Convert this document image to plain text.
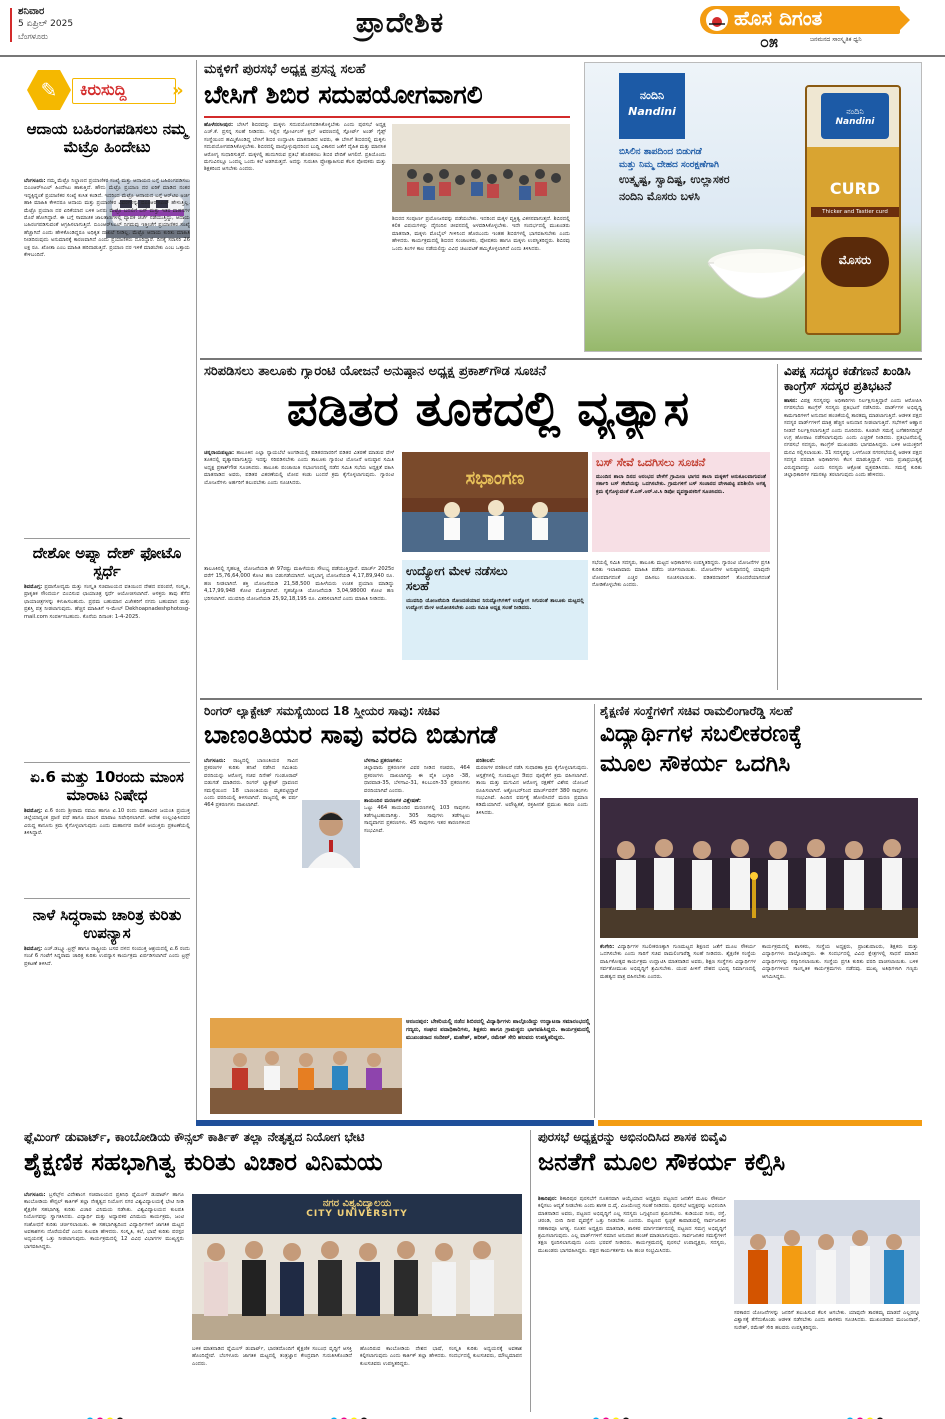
ಶನಿವಾರ
5 ಏಪ್ರಿಲ್ 2025
ಬೆಂಗಳೂರು	ಪ್ರಾದೇಶಿಕ	ಹೊಸ ದಿಗಂತ
ಜನಮನದ ಸಾಂಸ್ಕೃತಿಕ ಧ್ವನಿ
೦೫
✎ ಕಿರುಸುದ್ದಿ	»
ಆದಾಯ ಬಹಿರಂಗಪಡಿಸಲು ನಮ್ಮ ಮೆಟ್ರೊ ಹಿಂದೇಟು
ಬೆಂಗಳೂರು: ನಮ್ಮ ಮೆಟ್ರೊ ನಿಲ್ದಾಣದ ಪ್ರಯಾಣಿಕರ ಸಂಖ್ಯೆ ಮತ್ತು ಆದಾಯದ ಬಗ್ಗೆ ಬಹಿರಂಗಪಡಿಸಲು ಬಿಎಂಆರ್‌ಸಿಎಲ್ ಹಿಂದೇಟು ಹಾಕುತ್ತಿದೆ. ಹೌದು ಮೆಟ್ರೊ ಪ್ರಯಾಣ ದರ ಏರಿಕೆ ಮಾಡಿದ ನಂತರ ಇದ್ದಕ್ಕಿದ್ದಂತೆ ಪ್ರಯಾಣಿಕರ ಸಂಖ್ಯೆ ಕುಸಿತ ಕಂಡಿದೆ. ಇದರಿಂದ ಮೆಟ್ರೊ ಆದಾಯದ ಬಗ್ಗೆ ಆರ್‌ಟಿಐ ಅರ್ಜಿ ಹಾಕಿ ಮಾಹಿತಿ ಕೇಳಿದರೂ ಆದಾಯ ಮತ್ತು ಪ್ರಯಾಣಿಕರ ವಿವರಗಳನ್ನು ಬಿಎಂಆರ್‌ಸಿಎಲ್ ಹೇಳುತ್ತಿಲ್ಲ. ಮೆಟ್ರೊ ಪ್ರಯಾಣ ದರ ಏರಿಕೆಯಾದ ಬಳಿಕ ಜನರು ಮೆಟ್ರೊ ಬದಲಿಗೆ ಬಸ್ ಮತ್ತು ಇತರ ವಾಹನಗಳ ಮೊರೆ ಹೋಗಿದ್ದಾರೆ. ಈ ಬಗ್ಗೆ ಸಾಮಾಜಿಕ ಜಾಲತಾಣಗಳಲ್ಲಿ ವ್ಯಾಪಕ ಚರ್ಚೆ ನಡೆಯುತ್ತಿದ್ದು, ಆದಾಯ ಬಹಿರಂಗಪಡಿಸುವಂತೆ ಆಗ್ರಹಿಸಲಾಗುತ್ತಿದೆ. ಬಿಎಂಆರ್‌ಸಿಎಲ್ ನಿಗಮವು ಇತ್ತೀಚೆಗೆ ಪ್ರಯಾಣಿಕರ ಸಂಖ್ಯೆ ಹೆಚ್ಚಾಗಿದೆ ಎಂದು ಹೇಳಿಕೊಂಡಿದ್ದರೂ ಅಧಿಕೃತ ದಾಖಲೆ ನೀಡಿಲ್ಲ. ಮೆಟ್ರೊ ಆದಾಯ ಕುರಿತು ಮಾಹಿತಿ ನೀಡದಿರುವುದು ಅನುಮಾನಕ್ಕೆ ಕಾರಣವಾಗಿದೆ ಎಂದು ಪ್ರಯಾಣಿಕರು ದೂರಿದ್ದಾರೆ. ದಿನಕ್ಕೆ ಸರಾಸರಿ 26 ಲಕ್ಷ ರೂ. ಖೋತಾ ಎಂಬ ಮಾಹಿತಿ ಹರಿದಾಡುತ್ತಿದೆ. ಪ್ರಯಾಣ ದರ ಇಳಿಕೆ ಮಾಡಬೇಕು ಎಂಬ ಒತ್ತಾಯ ಕೇಳಿಬಂದಿದೆ.
ದೇಶೋ ಅಪ್ನಾ ದೇಶ್ ಫೋಟೊ ಸ್ಪರ್ಧೆ
ಶಿವಮೊಗ್ಗ: ಪ್ರವಾಸೋದ್ಯಮ ಮತ್ತು ಸಂಸ್ಕೃತಿ ಸಚಿವಾಲಯದ ವತಿಯಿಂದ ದೇಶದ ಪರಂಪರೆ, ಸಂಸ್ಕೃತಿ, ಪ್ರಾಕೃತಿಕ ಸೌಂದರ್ಯ ಬಿಂಬಿಸುವ ಛಾಯಾಚಿತ್ರ ಸ್ಪರ್ಧೆ ಆಯೋಜಿಸಲಾಗಿದೆ. ಆಸಕ್ತರು ತಾವು ತೆಗೆದ ಛಾಯಾಚಿತ್ರಗಳನ್ನು ಕಳುಹಿಸಬಹುದು. ಪ್ರಥಮ ಬಹುಮಾನ ವಿಜೇತರಿಗೆ ನಗದು ಬಹುಮಾನ ಮತ್ತು ಪ್ರಶಸ್ತಿ ಪತ್ರ ನೀಡಲಾಗುವುದು. ಹೆಚ್ಚಿನ ಮಾಹಿತಿಗೆ ಇ-ಮೇಲ್ Dekhoapnadeshphotosg-mail.com ಸಂಪರ್ಕಿಸಬಹುದು. ಕೊನೆಯ ದಿನಾಂಕ: 1-4-2025.
ಏ.6 ಮತ್ತು 10ರಂದು ಮಾಂಸ ಮಾರಾಟ ನಿಷೇಧ
ಶಿವಮೊಗ್ಗ: ಏ.6 ರಂದು ಶ್ರೀರಾಮ ನವಮಿ ಹಾಗೂ ಏ.10 ರಂದು ಮಹಾವೀರ ಜಯಂತಿ ಪ್ರಯುಕ್ತ ಜಿಲ್ಲೆಯಾದ್ಯಂತ ಪ್ರಾಣಿ ವಧೆ ಹಾಗೂ ಮಾಂಸ ಮಾರಾಟ ನಿಷೇಧಿಸಲಾಗಿದೆ. ಆದೇಶ ಉಲ್ಲಂಘಿಸಿದವರ ವಿರುದ್ಧ ಕಾನೂನು ಕ್ರಮ ಕೈಗೊಳ್ಳಲಾಗುವುದು ಎಂದು ಮಹಾನಗರ ಪಾಲಿಕೆ ಆಯುಕ್ತರು ಪ್ರಕಟಣೆಯಲ್ಲಿ ತಿಳಿಸಿದ್ದಾರೆ.
ನಾಳೆ ಸಿದ್ಧರಾಮ ಚಾರಿತ್ರ ಕುರಿತು ಉಪನ್ಯಾಸ
ಶಿವಮೊಗ್ಗ: ಎಚ್.ಡಬ್ಲ್ಯೂ.ಟ್ರಸ್ಟ್ ಹಾಗೂ ರಾಷ್ಟ್ರೀಯ ಬಸವ ದಳದ ಸಂಯುಕ್ತ ಆಶ್ರಯದಲ್ಲಿ ಏ.6 ರಂದು ಸಂಜೆ 6 ಗಂಟೆಗೆ ಸಿದ್ಧರಾಮ ಚಾರಿತ್ರ ಕುರಿತು ಉಪನ್ಯಾಸ ಕಾರ್ಯಕ್ರಮ ಏರ್ಪಡಿಸಲಾಗಿದೆ ಎಂದು ಟ್ರಸ್ಟ್ ಪ್ರಕಟಣೆ ತಿಳಿಸಿದೆ.
ಮಕ್ಕಳಿಗೆ ಪುರಸಭೆ ಅಧ್ಯಕ್ಷ ಪ್ರಸನ್ನ ಸಲಹೆ
ಬೇಸಿಗೆ ಶಿಬಿರ ಸದುಪಯೋಗವಾಗಲಿ
ಹೊಳೆನರಸೀಪುರ: ಬೇಸಿಗೆ ಶಿಬಿರವನ್ನು ಮಕ್ಕಳು ಸದುಪಯೋಗಪಡಿಸಿಕೊಳ್ಳಬೇಕು ಎಂದು ಪುರಸಭೆ ಅಧ್ಯಕ್ಷ ಎಚ್.ಕೆ. ಪ್ರಸನ್ನ ಸಲಹೆ ನೀಡಿದರು. ಇಲ್ಲಿನ ಸ್ಪೋರ್ಟಿಂಗ್ ಕ್ಲಬ್ ಆವರಣದಲ್ಲಿ ಸ್ಪೋರ್ಟ್ ಅಂಡ್ ಗೈಡ್ಸ್ ಸಂಸ್ಥೆಯಿಂದ ಹಮ್ಮಿಕೊಂಡಿದ್ದ ಬೇಸಿಗೆ ಶಿಬಿರ ಉದ್ಘಾಟಿಸಿ ಮಾತನಾಡಿದ ಅವರು, ಈ ಬೇಸಿಗೆ ಶಿಬಿರದಲ್ಲಿ ಮಕ್ಕಳು ಸದುಪಯೋಗಪಡಿಸಿಕೊಳ್ಳಬೇಕು. ಶಿಬಿರದಲ್ಲಿ ಪಾಲ್ಗೊಳ್ಳುವುದರಿಂದ ಬುದ್ಧಿ ವಿಕಾಸದ ಜತೆಗೆ ದೈಹಿಕ ಮತ್ತು ಮಾನಸಿಕ ಆರೋಗ್ಯ ಸುಧಾರಿಸುತ್ತದೆ. ಮಕ್ಕಳಲ್ಲಿ ಹುದುಗಿರುವ ಪ್ರತಿಭೆ ಹೊರತರಲು ಶಿಬಿರ ವೇದಿಕೆ ಆಗಲಿದೆ. ಪ್ರತಿಯೊಂದು ಮಗುವಿನಲ್ಲೂ ಒಂದಲ್ಲ ಒಂದು ಕಲೆ ಅಡಗಿರುತ್ತದೆ. ಅದನ್ನು ಗುರುತಿಸಿ ಪ್ರೋತ್ಸಾಹಿಸುವ ಕೆಲಸ ಪೋಷಕರು ಮತ್ತು ಶಿಕ್ಷಕರಿಂದ ಆಗಬೇಕು ಎಂದರು.
ಶಿಬಿರದ ಸಂಪೂರ್ಣ ಪ್ರಯೋಜನವನ್ನು ಪಡೆಯಬೇಕು. ಇದರಿಂದ ಮಕ್ಕಳ ವ್ಯಕ್ತಿತ್ವ ವಿಕಸನವಾಗುತ್ತದೆ. ಶಿಬಿರದಲ್ಲಿ ಕಲಿತ ವಿಷಯಗಳನ್ನು ದೈನಂದಿನ ಜೀವನದಲ್ಲಿ ಅಳವಡಿಸಿಕೊಳ್ಳಬೇಕು. ಇದೇ ಸಂದರ್ಭದಲ್ಲಿ ಮುಖಂಡರು ಮಾತನಾಡಿ, ಮಕ್ಕಳು ಮೊಬೈಲ್ ಗೀಳಿನಿಂದ ಹೊರಬಂದು ಇಂತಹ ಶಿಬಿರಗಳಲ್ಲಿ ಭಾಗವಹಿಸಬೇಕು ಎಂದು ಹೇಳಿದರು. ಕಾರ್ಯಕ್ರಮದಲ್ಲಿ ಶಿಬಿರದ ಸಂಚಾಲಕರು, ಪೋಷಕರು ಹಾಗೂ ಮಕ್ಕಳು ಉಪಸ್ಥಿತರಿದ್ದರು. ಶಿಬಿರವು ಒಂದು ತಿಂಗಳ ಕಾಲ ನಡೆಯಲಿದ್ದು ವಿವಿಧ ಚಟುವಟಿಕೆ ಹಮ್ಮಿಕೊಳ್ಳಲಾಗಿದೆ ಎಂದು ತಿಳಿಸಿದರು.
ನಂದಿನಿ
Nandini
ಬಿಸಿಲಿನ ತಾಪದಿಂದ ಬಿಡುಗಡೆ
ಮತ್ತು ನಿಮ್ಮ ದೇಹದ ಸಂರಕ್ಷಣೆಗಾಗಿ
ಉತ್ಕೃಷ್ಟ, ಸ್ವಾದಿಷ್ಟ, ಉಲ್ಲಾಸಕರ
ನಂದಿನಿ ಮೊಸರು ಬಳಸಿ
ನಂದಿನಿ
Nandini
CURD
Thicker and Tastier curd
ಮೊಸರು
ಸರಿಪಡಿಸಲು ತಾಲೂಕು ಗ್ಯಾರಂಟಿ ಯೋಜನೆ ಅನುಷ್ಠಾನ ಅಧ್ಯಕ್ಷ ಪ್ರಕಾಶ್‌ಗೌಡ ಸೂಚನೆ
ಪಡಿತರ ತೂಕದಲ್ಲಿ ವ್ಯತ್ಯಾಸ
ಚನ್ನರಾಯಪಟ್ಟಣ: ತಾಲೂಕಿನ ಎಲ್ಲಾ ನ್ಯಾಯಬೆಲೆ ಅಂಗಡಿಯಲ್ಲಿ ಪಡಿತರದಾರರಿಗೆ ಪಡಿತರ ವಿತರಣೆ ಮಾಡುವ ವೇಳೆ ತೂಕದಲ್ಲಿ ವ್ಯತ್ಯಾಸವಾಗುತ್ತಿದ್ದು ಇದನ್ನು ಸರಿಪಡಿಸಬೇಕು ಎಂದು ತಾಲೂಕು ಗ್ಯಾರಂಟಿ ಯೋಜನೆ ಅನುಷ್ಠಾನ ಸಮಿತಿ ಅಧ್ಯಕ್ಷ ಪ್ರಕಾಶ್‌ಗೌಡ ಸೂಚಿಸಿದರು. ತಾಲೂಕು ಪಂಚಾಯಿತಿ ಸಭಾಂಗಣದಲ್ಲಿ ನಡೆದ ಸಮಿತಿ ಸಭೆಯ ಅಧ್ಯಕ್ಷತೆ ವಹಿಸಿ ಮಾತನಾಡಿದ ಅವರು, ಪಡಿತರ ವಿತರಣೆಯಲ್ಲಿ ಲೋಪ ಕಂಡು ಬಂದರೆ ಕ್ರಮ ಕೈಗೊಳ್ಳಲಾಗುವುದು. ಗ್ಯಾರಂಟಿ ಯೋಜನೆಗಳು ಅರ್ಹರಿಗೆ ತಲುಪಬೇಕು ಎಂದು ಸೂಚಿಸಿದರು.
ತಾಲೂಕಿನಲ್ಲಿ ಗೃಹಲಕ್ಷ್ಮಿ ಯೋಜನೆಯಡಿ ಶೇ 97ರಷ್ಟು ಮಹಿಳೆಯರು ಸೌಲಭ್ಯ ಪಡೆಯುತ್ತಿದ್ದಾರೆ. ಮಾರ್ಚ್ 2025ರ ವರೆಗೆ 15,76,64,000 ಕೋಟಿ ಹಣ ಬಿಡುಗಡೆಯಾಗಿದೆ. ಅನ್ನಭಾಗ್ಯ ಯೋಜನೆಯಡಿ 4,17,89,940 ರೂ. ಹಣ ನೀಡಲಾಗಿದೆ. ಶಕ್ತಿ ಯೋಜನೆಯಡಿ 21,58,500 ಮಹಿಳೆಯರು ಉಚಿತ ಪ್ರಯಾಣ ಮಾಡಿದ್ದು 4,17,99,948 ಕೋಟಿ ಮೊತ್ತವಾಗಿದೆ. ಗೃಹಜ್ಯೋತಿ ಯೋಜನೆಯಡಿ 3,04,98000 ಕೋಟಿ ಹಣ ಭರಿಸಲಾಗಿದೆ. ಯುವನಿಧಿ ಯೋಜನೆಯಡಿ 25,92,18,195 ರೂ. ವಿತರಿಸಲಾಗಿದೆ ಎಂದು ಮಾಹಿತಿ ನೀಡಿದರು.
ಸಭಾಂಗಣ
ಬಸ್ ಸೇವೆ ಒದಗಿಸಲು ಸೂಚನೆ
ಮುಂದಿನ ಶಾಲಾ ದಿನದ ಆರಂಭದ ವೇಳೆಗೆ ಗ್ರಾಮೀಣ ಭಾಗದ ಶಾಲಾ ಮಕ್ಕಳಿಗೆ ಅನುಕೂಲವಾಗುವಂತೆ ಸರ್ಕಾರಿ ಬಸ್ ಸೇವೆಯನ್ನು ಒದಗಿಸಬೇಕು. ಗ್ರಾಮಗಳಿಗೆ ಬಸ್ ಸಂಚಾರದ ವೇಳಾಪಟ್ಟಿ ಪರಿಶೀಲಿಸಿ ಅಗತ್ಯ ಕ್ರಮ ಕೈಗೊಳ್ಳುವಂತೆ ಕೆ.ಎಸ್.ಆರ್.ಟಿ.ಸಿ ಡಿಪೋ ವ್ಯವಸ್ಥಾಪಕರಿಗೆ ಸೂಚಿಸಿದರು.
ಉದ್ಯೋಗ ಮೇಳ ನಡೆಸಲು ಸಲಹೆ
ಯುವನಿಧಿ ಯೋಜನೆಯಡಿ ನೋಂದಣಿಯಾದ ನಿರುದ್ಯೋಗಿಗಳಿಗೆ ಉದ್ಯೋಗ ಸಿಗುವಂತೆ ತಾಲೂಕು ಮಟ್ಟದಲ್ಲಿ ಉದ್ಯೋಗ ಮೇಳ ಆಯೋಜಿಸಬೇಕು ಎಂದು ಸಮಿತಿ ಅಧ್ಯಕ್ಷ ಸಲಹೆ ನೀಡಿದರು.
ಸಭೆಯಲ್ಲಿ ಸಮಿತಿ ಸದಸ್ಯರು, ತಾಲೂಕು ಮಟ್ಟದ ಅಧಿಕಾರಿಗಳು ಉಪಸ್ಥಿತರಿದ್ದರು. ಗ್ಯಾರಂಟಿ ಯೋಜನೆಗಳ ಪ್ರಗತಿ ಕುರಿತು ಇಲಾಖಾವಾರು ಮಾಹಿತಿ ಪಡೆದು ಚರ್ಚಿಸಲಾಯಿತು. ಯೋಜನೆಗಳ ಅನುಷ್ಠಾನದಲ್ಲಿ ಯಾವುದೇ ಲೋಪವಾಗದಂತೆ ಎಚ್ಚರ ವಹಿಸಲು ಸೂಚಿಸಲಾಯಿತು. ಪಡಿತರದಾರರಿಗೆ ತೊಂದರೆಯಾಗದಂತೆ ನೋಡಿಕೊಳ್ಳಬೇಕು ಎಂದರು.
ವಿಪಕ್ಷ ಸದಸ್ಯರ ಕಡೆಗಣನೆ ಖಂಡಿಸಿ ಕಾಂಗ್ರೆಸ್ ಸದಸ್ಯರ ಪ್ರತಿಭಟನೆ
ಹಾಸನ: ವಿಪಕ್ಷ ಸದಸ್ಯರನ್ನು ಅಧಿಕಾರಿಗಳು ನಿರ್ಲಕ್ಷಿಸುತ್ತಿದ್ದಾರೆ ಎಂದು ಆರೋಪಿಸಿ ನಗರಸಭೆಯ ಕಾಂಗ್ರೆಸ್ ಸದಸ್ಯರು ಪ್ರತಿಭಟನೆ ನಡೆಸಿದರು. ವಾರ್ಡ್‌ಗಳ ಅಭಿವೃದ್ಧಿ ಕಾಮಗಾರಿಗಳಿಗೆ ಅನುದಾನ ಹಂಚಿಕೆಯಲ್ಲಿ ತಾರತಮ್ಯ ಮಾಡಲಾಗುತ್ತಿದೆ. ಆಡಳಿತ ಪಕ್ಷದ ಸದಸ್ಯರ ವಾರ್ಡ್‌ಗಳಿಗೆ ಮಾತ್ರ ಹೆಚ್ಚಿನ ಅನುದಾನ ನೀಡಲಾಗುತ್ತಿದೆ. ಸಭೆಗಳಿಗೆ ಆಹ್ವಾನ ನೀಡದೆ ನಿರ್ಲಕ್ಷಿಸಲಾಗುತ್ತಿದೆ ಎಂದು ದೂರಿದರು. ಕೂಡಲೇ ಸಮಸ್ಯೆ ಬಗೆಹರಿಸದಿದ್ದರೆ ಉಗ್ರ ಹೋರಾಟ ನಡೆಸಲಾಗುವುದು ಎಂದು ಎಚ್ಚರಿಕೆ ನೀಡಿದರು. ಪ್ರತಿಭಟನೆಯಲ್ಲಿ ನಗರಸಭೆ ಸದಸ್ಯರು, ಕಾಂಗ್ರೆಸ್ ಮುಖಂಡರು ಭಾಗವಹಿಸಿದ್ದರು. ಬಳಿಕ ಆಯುಕ್ತರಿಗೆ ಮನವಿ ಸಲ್ಲಿಸಲಾಯಿತು. 31 ಸದಸ್ಯರನ್ನು ಒಳಗೊಂಡ ನಗರಸಭೆಯಲ್ಲಿ ಆಡಳಿತ ಪಕ್ಷದ ಸದಸ್ಯರ ಪರವಾಗಿ ಅಧಿಕಾರಿಗಳು ಕೆಲಸ ಮಾಡುತ್ತಿದ್ದಾರೆ. ಇದು ಪ್ರಜಾಪ್ರಭುತ್ವಕ್ಕೆ ವಿರುದ್ಧವಾದದ್ದು ಎಂದು ಸದಸ್ಯರು ಆಕ್ರೋಶ ವ್ಯಕ್ತಪಡಿಸಿದರು. ಸಮಸ್ಯೆ ಕುರಿತು ಜಿಲ್ಲಾಧಿಕಾರಿಗಳ ಗಮನಕ್ಕೂ ತರಲಾಗುವುದು ಎಂದು ಹೇಳಿದರು.
ರಿಂಗರ್ ಲ್ಯಾಕ್ಟೇಟ್ ಸಮಸ್ಯೆಯಿಂದ 18 ಸ್ತ್ರೀಯರ ಸಾವು: ಸಚಿವ
ಬಾಣಂತಿಯರ ಸಾವು ವರದಿ ಬಿಡುಗಡೆ
ಬೆಂಗಳೂರು: ರಾಜ್ಯದಲ್ಲಿ ಬಾಣಂತಿಯರ ಸಾವಿನ ಪ್ರಕರಣಗಳ ಕುರಿತು ತನಿಖೆ ನಡೆಸಿದ ಸಮಿತಿಯ ವರದಿಯನ್ನು ಆರೋಗ್ಯ ಸಚಿವ ದಿನೇಶ್ ಗುಂಡೂರಾವ್ ಬಿಡುಗಡೆ ಮಾಡಿದರು. ರಿಂಗರ್ ಲ್ಯಾಕ್ಟೇಟ್ ದ್ರಾವಣದ ಸಮಸ್ಯೆಯಿಂದ 18 ಬಾಣಂತಿಯರು ಮೃತಪಟ್ಟಿದ್ದಾರೆ ಎಂದು ವರದಿಯಲ್ಲಿ ತಿಳಿಸಲಾಗಿದೆ. ರಾಜ್ಯದಲ್ಲಿ ಈ ವರ್ಷ 464 ಪ್ರಕರಣಗಳು ದಾಖಲಾಗಿವೆ.
ಬೆಳಗಾವಿ ಪ್ರಕರಣಗಳು:
ಜಿಲ್ಲಾವಾರು ಪ್ರಕರಣಗಳ ವಿವರ ನೀಡಿದ ಸಚಿವರು, 464 ಪ್ರಕರಣಗಳು ದಾಖಲಾಗಿದ್ದು ಈ ಪೈಕಿ ಬಳ್ಳಾರಿ -38, ಧಾರವಾಡ-35, ಬೆಳಗಾವಿ-31, ಕಲಬುರಗಿ-33 ಪ್ರಕರಣಗಳು ವರದಿಯಾಗಿವೆ ಎಂದರು.
ತಾಯಂದಿರ ಮರಣಗಳ ವಿಶ್ಲೇಷಣೆ:
ಒಟ್ಟು 464 ತಾಯಂದಿರ ಮರಣಗಳಲ್ಲಿ 103 ಸಾವುಗಳು ತಡೆಗಟ್ಟಬಹುದಾಗಿತ್ತು. 305 ಸಾವುಗಳು ತಡೆಗಟ್ಟಲು ಸಾಧ್ಯವಾಗದ ಪ್ರಕರಣಗಳು. 45 ಸಾವುಗಳು ಇತರ ಕಾರಣಗಳಿಂದ ಸಂಭವಿಸಿವೆ.
ಪರಿಶೀಲನೆ:
ಮರಣಗಳ ಪರಿಶೀಲನೆ ನಡೆಸಿ ಸುಧಾರಣಾ ಕ್ರಮ ಕೈಗೊಳ್ಳಲಾಗುವುದು. ಆಸ್ಪತ್ರೆಗಳಲ್ಲಿ ಗುಣಮಟ್ಟದ ಔಷಧ ಪೂರೈಕೆಗೆ ಕ್ರಮ ವಹಿಸಲಾಗಿದೆ. ತಾಯಿ ಮತ್ತು ಮಗುವಿನ ಆರೋಗ್ಯ ರಕ್ಷಣೆಗೆ ವಿಶೇಷ ಯೋಜನೆ ರೂಪಿಸಲಾಗಿದೆ. ಅಕ್ಟೋಬರ್‌ನಿಂದ ಮಾರ್ಚ್‌ವರೆಗೆ 380 ಸಾವುಗಳು ಸಂಭವಿಸಿವೆ. ಹಿಂದಿನ ವರ್ಷಕ್ಕೆ ಹೋಲಿಸಿದರೆ ಮರಣ ಪ್ರಮಾಣ ಕಡಿಮೆಯಾಗಿದೆ. ಅಪೌಷ್ಟಿಕತೆ, ರಕ್ತಹೀನತೆ ಪ್ರಮುಖ ಕಾರಣ ಎಂದು ತಿಳಿಸಿದರು.
ಆನಂದಪುರ: ಬೇಕರಿಯಲ್ಲಿ ನಡೆದ ಶಿಬಿರದಲ್ಲಿ ವಿದ್ಯಾರ್ಥಿಗಳು ಪಾಲ್ಗೊಂಡಿದ್ದು ಉದ್ಘಾಟನಾ ಸಮಾರಂಭದಲ್ಲಿ ಗಣ್ಯರು, ಸಂಘದ ಪದಾಧಿಕಾರಿಗಳು, ಶಿಕ್ಷಕರು ಹಾಗೂ ಗ್ರಾಮಸ್ಥರು ಭಾಗವಹಿಸಿದ್ದರು. ಕಾರ್ಯಕ್ರಮದಲ್ಲಿ ಮುಖಂಡರಾದ ಸಂದೀಪ್, ಮಹೇಶ್, ಹರೀಶ್, ರಮೇಶ್ ಸೇರಿ ಹಲವರು ಉಪಸ್ಥಿತರಿದ್ದರು.
ಶೈಕ್ಷಣಿಕ ಸಂಸ್ಥೆಗಳಿಗೆ ಸಚಿವ ರಾಮಲಿಂಗಾರೆಡ್ಡಿ ಸಲಹೆ
ವಿದ್ಯಾರ್ಥಿಗಳ ಸಬಲೀಕರಣಕ್ಕೆ
ಮೂಲ ಸೌಕರ್ಯ ಒದಗಿಸಿ
ಕೆಂಗೇರಿ: ವಿದ್ಯಾರ್ಥಿಗಳ ಸಬಲೀಕರಣಕ್ಕಾಗಿ ಗುಣಮಟ್ಟದ ಶಿಕ್ಷಣದ ಜತೆಗೆ ಮೂಲ ಸೌಕರ್ಯ ಒದಗಿಸಬೇಕು ಎಂದು ಸಾರಿಗೆ ಸಚಿವ ರಾಮಲಿಂಗಾರೆಡ್ಡಿ ಸಲಹೆ ನೀಡಿದರು. ಶೈಕ್ಷಣಿಕ ಸಂಸ್ಥೆಯ ವಾರ್ಷಿಕೋತ್ಸವ ಕಾರ್ಯಕ್ರಮ ಉದ್ಘಾಟಿಸಿ ಮಾತನಾಡಿದ ಅವರು, ಶಿಕ್ಷಣ ಸಂಸ್ಥೆಗಳು ವಿದ್ಯಾರ್ಥಿಗಳ ಸರ್ವತೋಮುಖ ಅಭಿವೃದ್ಧಿಗೆ ಶ್ರಮಿಸಬೇಕು. ಯುವ ಪೀಳಿಗೆ ದೇಶದ ಭವಿಷ್ಯ ನಿರ್ಮಾಣದಲ್ಲಿ ಮಹತ್ವದ ಪಾತ್ರ ವಹಿಸಬೇಕು ಎಂದರು.
ಕಾರ್ಯಕ್ರಮದಲ್ಲಿ ಶಾಸಕರು, ಸಂಸ್ಥೆಯ ಅಧ್ಯಕ್ಷರು, ಪ್ರಾಂಶುಪಾಲರು, ಶಿಕ್ಷಕರು ಮತ್ತು ವಿದ್ಯಾರ್ಥಿಗಳು ಪಾಲ್ಗೊಂಡಿದ್ದರು. ಈ ಸಂದರ್ಭದಲ್ಲಿ ವಿವಿಧ ಕ್ಷೇತ್ರಗಳಲ್ಲಿ ಸಾಧನೆ ಮಾಡಿದ ವಿದ್ಯಾರ್ಥಿಗಳನ್ನು ಸನ್ಮಾನಿಸಲಾಯಿತು. ಸಂಸ್ಥೆಯ ಪ್ರಗತಿ ಕುರಿತು ವರದಿ ವಾಚಿಸಲಾಯಿತು. ಬಳಿಕ ವಿದ್ಯಾರ್ಥಿಗಳಿಂದ ಸಾಂಸ್ಕೃತಿಕ ಕಾರ್ಯಕ್ರಮಗಳು ನಡೆದವು. ಮುಖ್ಯ ಅತಿಥಿಗಳಾಗಿ ಗಣ್ಯರು ಆಗಮಿಸಿದ್ದರು.
ಫ್ಲೆಮಿಂಗ್ ಡುವಾರ್ಟ್, ಕಾಂಬೋಡಿಯ ಕೌನ್ಸಲ್ ಕಾರ್ತಿಕ್ ತಲ್ಲಾ ನೇತೃತ್ವದ ನಿಯೋಗ ಭೇಟಿ
ಶೈಕ್ಷಣಿಕ ಸಹಭಾಗಿತ್ವ ಕುರಿತು ವಿಚಾರ ವಿನಿಮಯ
ಬೆಂಗಳೂರು: ಬ್ರಸೆಲ್ಸ್‌ನ ವಿದೇಶಾಂಗ ಸಚಿವಾಲಯದ ಪ್ರತಿನಿಧಿ ಫ್ಲೆಮಿಂಗ್ ಡುವಾರ್ಟ್ ಹಾಗೂ ಕಾಂಬೋಡಿಯ ಕೌನ್ಸಲ್ ಕಾರ್ತಿಕ್ ತಲ್ಲಾ ನೇತೃತ್ವದ ನಿಯೋಗ ನಗರ ವಿಶ್ವವಿದ್ಯಾಲಯಕ್ಕೆ ಭೇಟಿ ನೀಡಿ ಶೈಕ್ಷಣಿಕ ಸಹಭಾಗಿತ್ವ ಕುರಿತು ವಿಚಾರ ವಿನಿಮಯ ನಡೆಸಿತು. ವಿಶ್ವವಿದ್ಯಾಲಯದ ಕುಲಪತಿ ನಿಯೋಗವನ್ನು ಸ್ವಾಗತಿಸಿದರು. ವಿದ್ಯಾರ್ಥಿ ಮತ್ತು ಅಧ್ಯಾಪಕರ ವಿನಿಮಯ ಕಾರ್ಯಕ್ರಮ, ಜಂಟಿ ಸಂಶೋಧನೆ ಕುರಿತು ಚರ್ಚಿಸಲಾಯಿತು. ಈ ಸಹಭಾಗಿತ್ವದಿಂದ ವಿದ್ಯಾರ್ಥಿಗಳಿಗೆ ಜಾಗತಿಕ ಮಟ್ಟದ ಅವಕಾಶಗಳು ದೊರೆಯಲಿವೆ ಎಂದು ಕುಲಪತಿ ಹೇಳಿದರು. ಸಂಸ್ಕೃತಿ, ಕಲೆ, ಭಾಷೆ ಕುರಿತು ಪರಸ್ಪರ ಅಧ್ಯಯನಕ್ಕೆ ಒತ್ತು ನೀಡಲಾಗುವುದು. ಕಾರ್ಯಕ್ರಮದಲ್ಲಿ 12 ವಿವಿಧ ವಿಭಾಗಗಳ ಮುಖ್ಯಸ್ಥರು ಭಾಗವಹಿಸಿದ್ದರು.
ನಗರ ವಿಶ್ವವಿದ್ಯಾಲಯ
CITY UNIVERSITY
ಬಳಿಕ ಮಾತನಾಡಿದ ಫ್ಲೆಮಿಂಗ್ ಡುವಾರ್ಟ್, ಭಾರತದೊಂದಿಗೆ ಶೈಕ್ಷಣಿಕ ಸಂಬಂಧ ವೃದ್ಧಿಗೆ ಆಸಕ್ತಿ ಹೊಂದಿದ್ದೇವೆ. ಬೆಂಗಳೂರು ಜಾಗತಿಕ ಮಟ್ಟದಲ್ಲಿ ತಂತ್ರಜ್ಞಾನ ಕೇಂದ್ರವಾಗಿ ಗುರುತಿಸಿಕೊಂಡಿದೆ ಎಂದರು.
ಹೊಂದಿರುವ ಕಾಂಬೋಡಿಯ ದೇಶದ ಭಾಷೆ, ಸಂಸ್ಕೃತಿ ಕುರಿತು ಅಧ್ಯಯನಕ್ಕೆ ಅವಕಾಶ ಕಲ್ಪಿಸಲಾಗುವುದು ಎಂದು ಕಾರ್ತಿಕ್ ತಲ್ಲಾ ಹೇಳಿದರು. ಸಂದರ್ಭದಲ್ಲಿ ಕುಲಸಚಿವರು, ಮೌಲ್ಯಮಾಪನ ಕುಲಸಚಿವರು ಉಪಸ್ಥಿತರಿದ್ದರು.
ಪುರಸಭೆ ಅಧ್ಯಕ್ಷರನ್ನು ಅಭಿನಂದಿಸಿದ ಶಾಸಕ ಬಿವೈವಿ
ಜನತೆಗೆ ಮೂಲ ಸೌಕರ್ಯ ಕಲ್ಪಿಸಿ
ಶಿಕಾರಿಪುರ: ಶಿಕಾರಿಪುರ ಪುರಸಭೆಗೆ ನೂತನವಾಗಿ ಆಯ್ಕೆಯಾದ ಅಧ್ಯಕ್ಷರು ಪಟ್ಟಣದ ಜನತೆಗೆ ಮೂಲ ಸೌಕರ್ಯ ಕಲ್ಪಿಸಲು ಆದ್ಯತೆ ನೀಡಬೇಕು ಎಂದು ಶಾಸಕ ಬಿ.ವೈ. ವಿಜಯೇಂದ್ರ ಸಲಹೆ ನೀಡಿದರು. ಪುರಸಭೆ ಅಧ್ಯಕ್ಷರನ್ನು ಅಭಿನಂದಿಸಿ ಮಾತನಾಡಿದ ಅವರು, ಪಟ್ಟಣದ ಅಭಿವೃದ್ಧಿಗೆ ಎಲ್ಲ ಸದಸ್ಯರು ಒಗ್ಗಟ್ಟಿನಿಂದ ಶ್ರಮಿಸಬೇಕು. ಕುಡಿಯುವ ನೀರು, ರಸ್ತೆ, ಚರಂಡಿ, ಬೀದಿ ದೀಪ ವ್ಯವಸ್ಥೆಗೆ ಒತ್ತು ನೀಡಬೇಕು ಎಂದರು. ಪಟ್ಟಣದ ಸ್ವಚ್ಛತೆ ಕಾಪಾಡುವಲ್ಲಿ ಸಾರ್ವಜನಿಕರ ಸಹಕಾರವೂ ಅಗತ್ಯ. ನೂತನ ಅಧ್ಯಕ್ಷರು ಮಾತನಾಡಿ, ಶಾಸಕರ ಮಾರ್ಗದರ್ಶನದಲ್ಲಿ ಪಟ್ಟಣದ ಸಮಗ್ರ ಅಭಿವೃದ್ಧಿಗೆ ಶ್ರಮಿಸಲಾಗುವುದು. ಎಲ್ಲ ವಾರ್ಡ್‌ಗಳಿಗೆ ಸಮಾನ ಅನುದಾನ ಹಂಚಿಕೆ ಮಾಡಲಾಗುವುದು. ಸಾರ್ವಜನಿಕರ ಸಮಸ್ಯೆಗಳಿಗೆ ತಕ್ಷಣ ಸ್ಪಂದಿಸಲಾಗುವುದು ಎಂದು ಭರವಸೆ ನೀಡಿದರು. ಕಾರ್ಯಕ್ರಮದಲ್ಲಿ ಪುರಸಭೆ ಉಪಾಧ್ಯಕ್ಷರು, ಸದಸ್ಯರು, ಮುಖಂಡರು ಭಾಗವಹಿಸಿದ್ದರು. ಪಕ್ಷದ ಕಾರ್ಯಕರ್ತರು ಸಿಹಿ ಹಂಚಿ ಸಂಭ್ರಮಿಸಿದರು.
ಸರಕಾರದ ಯೋಜನೆಗಳನ್ನು ಜನರಿಗೆ ತಲುಪಿಸುವ ಕೆಲಸ ಆಗಬೇಕು. ಯಾವುದೇ ತಾರತಮ್ಯ ಮಾಡದೆ ಎಲ್ಲರನ್ನೂ ವಿಶ್ವಾಸಕ್ಕೆ ತೆಗೆದುಕೊಂಡು ಆಡಳಿತ ನಡೆಸಬೇಕು ಎಂದು ಶಾಸಕರು ಸೂಚಿಸಿದರು. ಮುಖಂಡರಾದ ಮಂಜುನಾಥ್, ಸುರೇಶ್, ರಮೇಶ್ ಸೇರಿ ಹಲವರು ಉಪಸ್ಥಿತರಿದ್ದರು.
